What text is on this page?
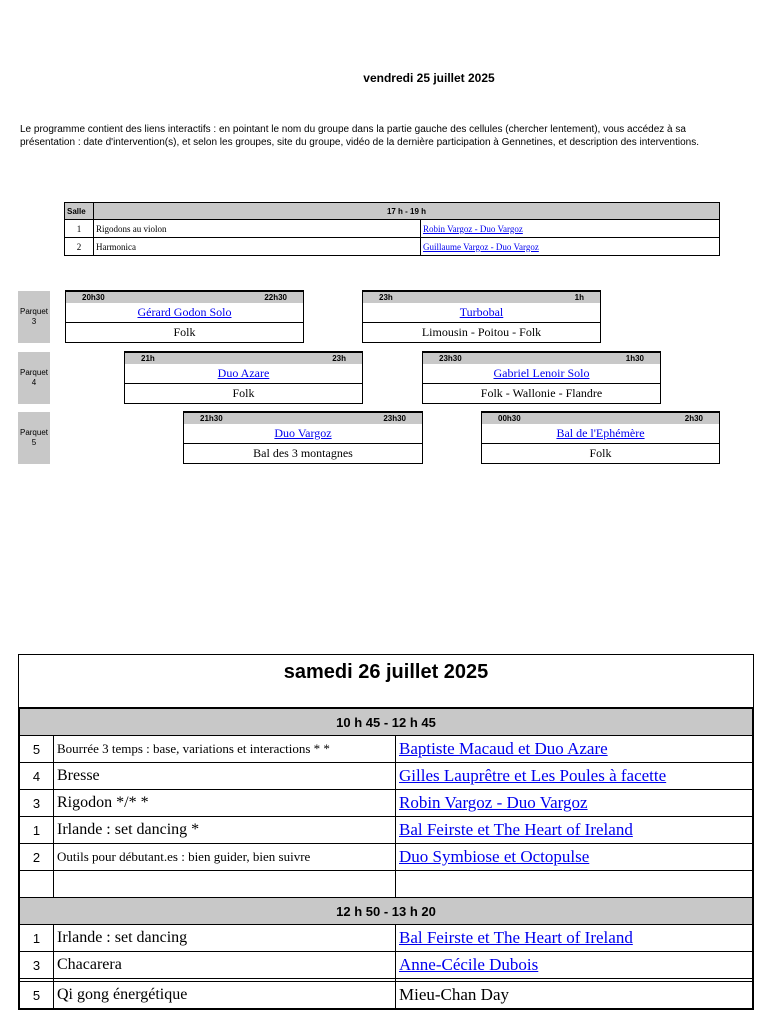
vendredi 25 juillet 2025
Le programme contient des liens interactifs : en pointant le nom du groupe dans la partie gauche des cellules (chercher lentement), vous accédez à sa présentation : date d'intervention(s), et selon les groupes, site du groupe, vidéo de la dernière participation à Gennetines, et description des interventions.
Salle	17 h - 19 h	
1	Rigodons au violon	Robin Vargoz - Duo Vargoz
2	Harmonica	Guillaume Vargoz - Duo Vargoz
Parquet 3
20h30	22h30
Gérard Godon Solo
Folk
23h	1h
Turbobal
Limousin - Poitou - Folk
Parquet 4
21h	23h
Duo Azare
Folk
23h30	1h30
Gabriel Lenoir Solo
Folk - Wallonie - Flandre
Parquet 5
21h30	23h30
Duo Vargoz
Bal des 3 montagnes
00h30	2h30
Bal de l'Ephémère
Folk
samedi 26 juillet 2025
10 h 45 - 12 h 45		
5	Bourrée 3 temps : base, variations et interactions * *	Baptiste Macaud et Duo Azare
4	Bresse	Gilles Lauprêtre et Les Poules à facette
3	Rigodon */* *	Robin Vargoz - Duo Vargoz
1	Irlande : set dancing *	Bal Feirste et The Heart of Ireland
2	Outils pour débutant.es : bien guider, bien suivre	Duo Symbiose et Octopulse

12 h 50 - 13 h 20		
1	Irlande : set dancing	Bal Feirste et The Heart of Ireland
3	Chacarera	Anne-Cécile Dubois

5	Qi gong énergétique	Mieu-Chan Day
